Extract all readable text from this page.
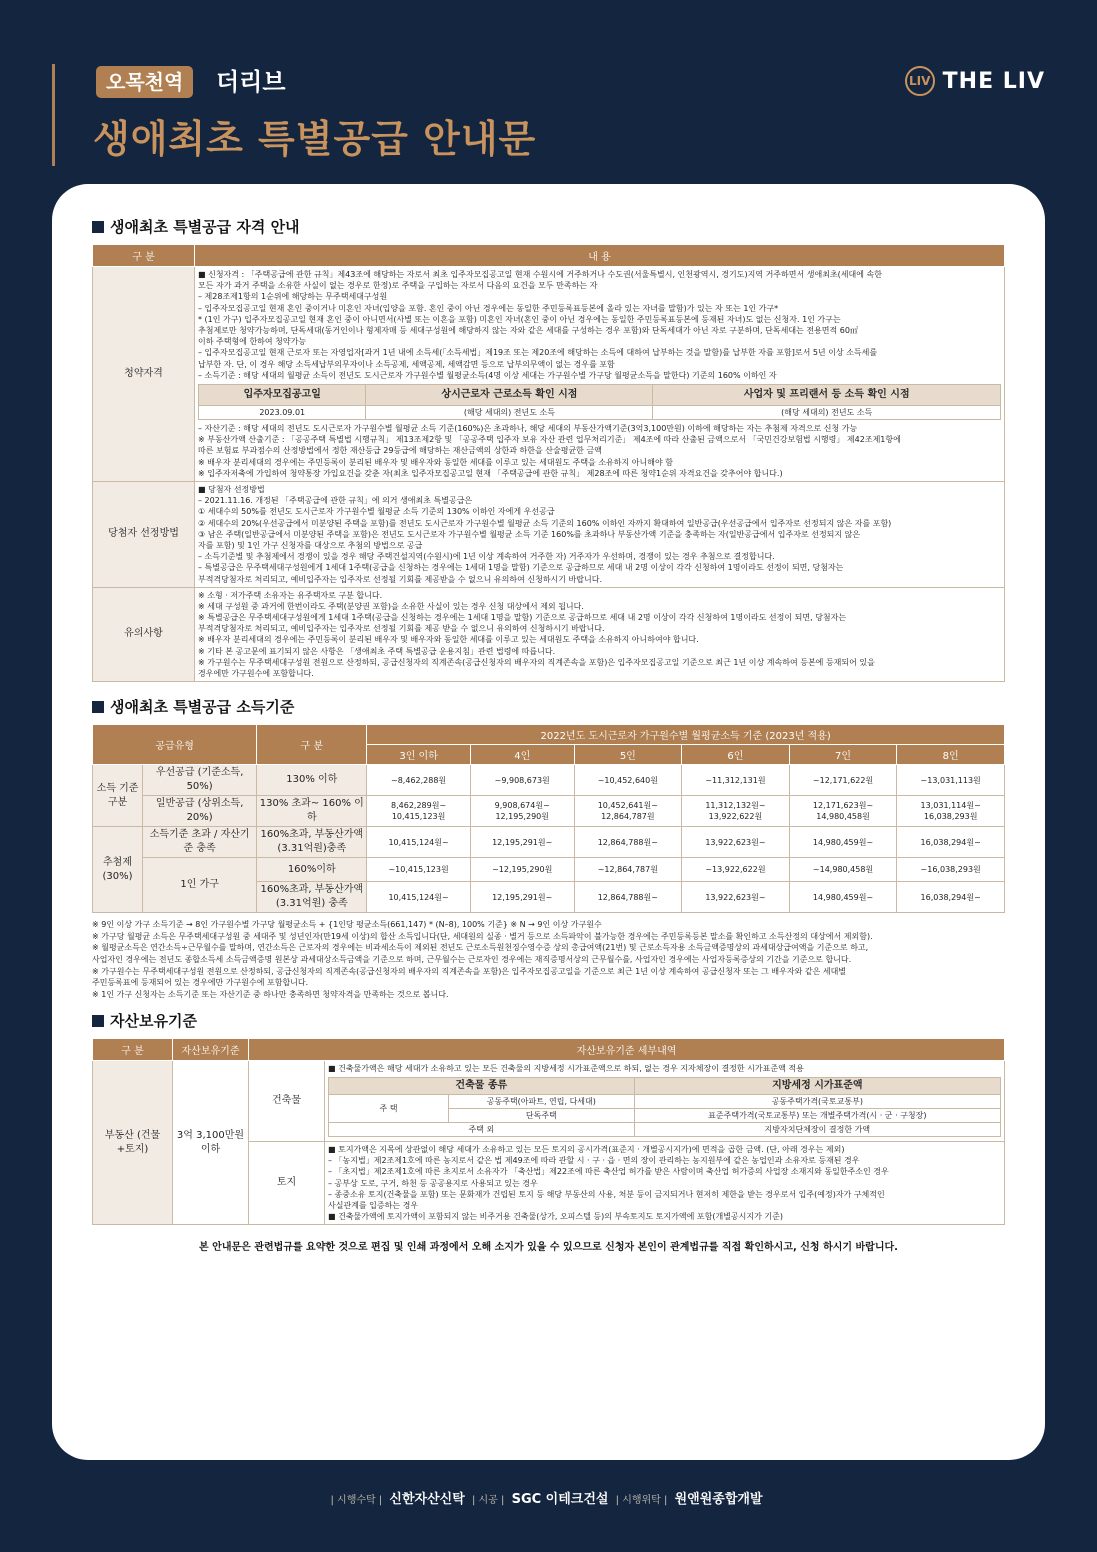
오목천역	더리브
생애최초 특별공급 안내문
LIV THE LIV
생애최초 특별공급 자격 안내
구 분	내 용
청약자격	
■ 신청자격 : 「주택공급에 관한 규칙」제43조에 해당하는 자로서 최초 입주자모집공고일 현재 수원시에 거주하거나 수도권(서울특별시, 인천광역시, 경기도)지역 거주하면서 생애최초(세대에 속한
모든 자가 과거 주택을 소유한 사실이 없는 경우로 한정)로 주택을 구입하는 자로서 다음의 요건을 모두 만족하는 자
– 제28조제1항의 1순위에 해당하는 무주택세대구성원
– 입주자모집공고일 현재 혼인 중이거나 미혼인 자녀(입양을 포함. 혼인 중이 아닌 경우에는 동일한 주민등록표등본에 올라 있는 자녀를 말함)가 있는 자 또는 1인 가구*
* (1인 가구) 입주자모집공고일 현재 혼인 중이 아니면서(사별 또는 이혼을 포함) 미혼인 자녀(혼인 중이 아닌 경우에는 동일한 주민등록표등본에 등재된 자녀)도 없는 신청자. 1인 가구는
추첨제로만 청약가능하며, 단독세대(동거인이나 형제자매 등 세대구성원에 해당하지 않는 자와 같은 세대를 구성하는 경우 포함)와 단독세대가 아닌 자로 구분하며, 단독세대는 전용면적 60㎡
이하 주택형에 한하여 청약가능
– 입주자모집공고일 현재 근로자 또는 자영업자[과거 1년 내에 소득세(「소득세법」제19조 또는 제20조에 해당하는 소득에 대하여 납부하는 것을 말함)를 납부한 자를 포함]로서 5년 이상 소득세를
납부한 자. 단, 이 경우 해당 소득세납부의무자이나 소득공제, 세액공제, 세액감면 등으로 납부의무액이 없는 경우를 포함
– 소득기준 : 해당 세대의 월평균 소득이 전년도 도시근로자 가구원수별 월평균소득(4명 이상 세대는 가구원수별 가구당 월평균소득을 말한다) 기준의 160% 이하인 자
입주자모집공고일	상시근로자 근로소득 확인 시점	사업자 및 프리랜서 등 소득 확인 시점
2023.09.01	(해당 세대의) 전년도 소득	(해당 세대의) 전년도 소득
– 자산기준 : 해당 세대의 전년도 도시근로자 가구원수별 월평균 소득 기준(160%)은 초과하나, 해당 세대의 부동산가액기준(3억3,100만원) 이하에 해당하는 자는 추첨제 자격으로 신청 가능
※ 부동산가액 산출기준 : 「공공주택 특별법 시행규칙」 제13조제2항 및 「공공주택 입주자 보유 자산 관련 업무처리기준」 제4조에 따라 산출된 금액으로서 「국민건강보험법 시행령」 제42조제1항에
따른 보험료 부과점수의 산정방법에서 정한 재산등급 29등급에 해당하는 재산금액의 상한과 하한을 산술평균한 금액
※ 배우자 분리세대의 경우에는 주민등록이 분리된 배우자 및 배우자와 동일한 세대를 이루고 있는 세대원도 주택을 소유하지 아니해야 함
※ 입주자저축에 가입하여 청약통장 가입요건을 갖춘 자(최초 입주자모집공고일 현재 「주택공급에 관한 규칙」 제28조에 따른 청약1순위 자격요건을 갖추어야 합니다.)

당첨자 선정방법	
■ 당첨자 선정방법
– 2021.11.16. 개정된 「주택공급에 관한 규칙」에 의거 생애최초 특별공급은
① 세대수의 50%를 전년도 도시근로자 가구원수별 월평균 소득 기준의 130% 이하인 자에게 우선공급
② 세대수의 20%(우선공급에서 미분양된 주택을 포함)를 전년도 도시근로자 가구원수별 월평균 소득 기준의 160% 이하인 자까지 확대하여 일반공급(우선공급에서 입주자로 선정되지 않은 자를 포함)
③ 남은 주택(일반공급에서 미분양된 주택을 포함)은 전년도 도시근로자 가구원수별 월평균 소득 기준 160%를 초과하나 부동산가액 기준을 충족하는 자(일반공급에서 입주자로 선정되지 않은
자를 포함) 및 1인 가구 신청자를 대상으로 추첨의 방법으로 공급
– 소득기준별 및 추첨제에서 경쟁이 있을 경우 해당 주택건설지역(수원시)에 1년 이상 계속하여 거주한 자) 거주자가 우선하며, 경쟁이 있는 경우 추첨으로 결정합니다.
– 특별공급은 무주택세대구성원에게 1세대 1주택(공급을 신청하는 경우에는 1세대 1명을 말함) 기준으로 공급하므로 세대 내 2명 이상이 각각 신청하여 1명이라도 선정이 되면, 당첨자는
부적격당첨자로 처리되고, 예비입주자는 입주자로 선정될 기회를 제공받을 수 없으니 유의하여 신청하시기 바랍니다.

유의사항	
※ 소형 · 저가주택 소유자는 유주택자로 구분 합니다.
※ 세대 구성원 중 과거에 한번이라도 주택(분양권 포함)을 소유한 사실이 있는 경우 신청 대상에서 제외 됩니다.
※ 특별공급은 무주택세대구성원에게 1세대 1주택(공급을 신청하는 경우에는 1세대 1명을 말함) 기준으로 공급하므로 세대 내 2명 이상이 각각 신청하여 1명이라도 선정이 되면, 당첨자는
부적격당첨자로 처리되고, 예비입주자는 입주자로 선정될 기회를 제공 받을 수 없으니 유의하여 신청하시기 바랍니다.
※ 배우자 분리세대의 경우에는 주민등록이 분리된 배우자 및 배우자와 동일한 세대를 이루고 있는 세대원도 주택을 소유하지 아니하여야 합니다.
※ 기타 본 공고문에 표기되지 않은 사항은 「생애최초 주택 특별공급 운용지침」관련 법령에 따릅니다.
※ 가구원수는 무주택세대구성원 전원으로 산정하되, 공급신청자의 직계존속(공급신청자의 배우자의 직계존속을 포함)은 입주자모집공고일 기준으로 최근 1년 이상 계속하여 등본에 등재되어 있을
경우에만 가구원수에 포함합니다.
생애최초 특별공급 소득기준
공급유형		구 분	2022년도 도시근로자 가구원수별 월평균소득 기준 (2023년 적용)					
			3인 이하	4인	5인	6인	7인	8인
소득 기준 구분	우선공급 (기준소득, 50%)	130% 이하	~8,462,288원	~9,908,673원	~10,452,640원	~11,312,131원	~12,171,622원	~13,031,113원
	일반공급 (상위소득, 20%)	130% 초과~ 160% 이하	8,462,289원~ 10,415,123원	9,908,674원~ 12,195,290원	10,452,641원~ 12,864,787원	11,312,132원~ 13,922,622원	12,171,623원~ 14,980,458원	13,031,114원~ 16,038,293원
추첨제 (30%)	소득기준 초과 / 자산기준 충족	160%초과, 부동산가액 (3.31억원)충족	10,415,124원~	12,195,291원~	12,864,788원~	13,922,623원~	14,980,459원~	16,038,294원~
	1인 가구	160%이하	~10,415,123원	~12,195,290원	~12,864,787원	~13,922,622원	~14,980,458원	~16,038,293원
		160%초과, 부동산가액 (3.31억원) 충족	10,415,124원~	12,195,291원~	12,864,788원~	13,922,623원~	14,980,459원~	16,038,294원~
※ 9인 이상 가구 소득기준 → 8인 가구원수별 가구당 월평균소득 + {1인당 평균소득(661,147) * (N–8), 100% 기준} ※ N → 9인 이상 가구원수
※ 가구당 월평균 소득은 무주택세대구성원 중 세대주 및 성년인자(만19세 이상)의 합산 소득입니다(단, 세대원의 실종 · 별거 등으로 소득파악이 불가능한 경우에는 주민등록등본 말소를 확인하고 소득산정의 대상에서 제외함).
※ 월평균소득은 연간소득÷근무월수를 말하며, 연간소득은 근로자의 경우에는 비과세소득이 제외된 전년도 근로소득원천징수영수증 상의 총급여액(21번) 및 근로소득자용 소득금액증명상의 과세대상급여액을 기준으로 하고,
사업자인 경우에는 전년도 종합소득세 소득금액증명 원본상 과세대상소득금액을 기준으로 하며, 근무월수는 근로자인 경우에는 재직증명서상의 근무월수를, 사업자인 경우에는 사업자등록증상의 기간을 기준으로 합니다.
※ 가구원수는 무주택세대구성원 전원으로 산정하되, 공급신청자의 직계존속(공급신청자의 배우자의 직계존속을 포함)은 입주자모집공고일을 기준으로 최근 1년 이상 계속하여 공급신청자 또는 그 배우자와 같은 세대별
주민등록표에 등재되어 있는 경우에만 가구원수에 포함합니다.
※ 1인 가구 신청자는 소득기준 또는 자산기준 중 하나만 충족하면 청약자격을 만족하는 것으로 봅니다.
자산보유기준
구 분	자산보유기준	자산보유기준 세부내역
부동산 (건물+토지)	3억 3,100만원 이하	건축물	
■ 건축물가액은 해당 세대가 소유하고 있는 모든 건축물의 지방세정 시가표준액으로 하되, 없는 경우 지자체장이 결정한 시가표준액 적용
건축물 종류	지방세정 시가표준액
주 택	공동주택(아파트, 연립, 다세대)	공동주택가격(국토교통부)
단독주택	표준주택가격(국토교통부) 또는 개별주택가격(시 · 군 · 구청장)
주택 외	지방자치단체장이 결정한 가액

토지	
■ 토지가액은 지목에 상관없이 해당 세대가 소유하고 있는 모든 토지의 공시가격(표준지 · 개별공시지가)에 면적을 곱한 금액. (단, 아래 경우는 제외)
– 「농지법」제2조제1호에 따른 농지로서 같은 법 제49조에 따라 관할 시 · 구 · 읍 · 면의 장이 관리하는 농지원부에 같은 농업인과 소유자로 등재된 경우
– 「초지법」제2조제1호에 따른 초지로서 소유자가 「축산법」제22조에 따른 축산업 허가를 받은 사람이며 축산업 허가증의 사업장 소재지와 동일한주소인 경우
– 공부상 도로, 구거, 하천 등 공공용지로 사용되고 있는 경우
– 종중소유 토지(건축물을 포함) 또는 문화재가 건립된 토지 등 해당 부동산의 사용, 처분 등이 금지되거나 현저히 제한을 받는 경우로서 입주(예정)자가 구체적인
사실관계를 입증하는 경우
■ 건축물가액에 토지가액이 포함되지 않는 비주거용 건축물(상가, 오피스텔 등)의 부속토지도 토지가액에 포함(개별공시지가 기준)
본 안내문은 관련법규를 요약한 것으로 편집 및 인쇄 과정에서 오해 소지가 있을 수 있으므로 신청자 본인이 관계법규를 직접 확인하시고, 신청 하시기 바랍니다.
| 시행수탁 | 신한자산신탁 | 시공 | SGC 이테크건설 | 시행위탁 | 원앤원종합개발
